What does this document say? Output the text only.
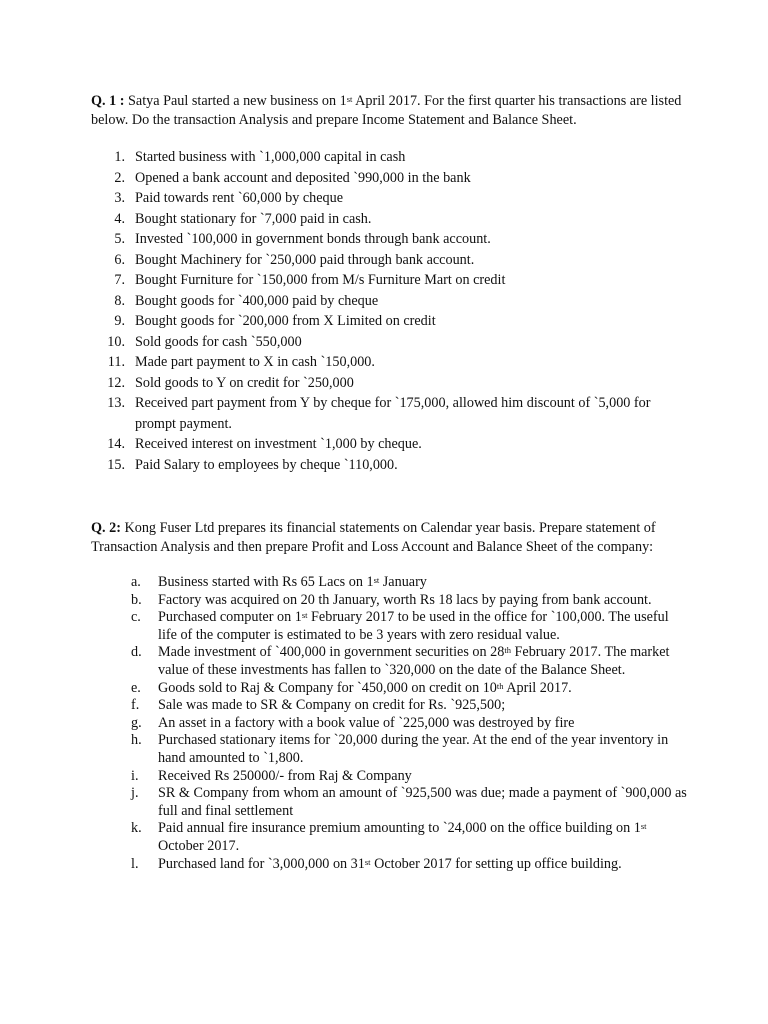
Q. 1 : Satya Paul started a new business on 1st April 2017. For the first quarter his transactions are listed below. Do the transaction Analysis and prepare Income Statement and Balance Sheet.

1. Started business with `1,000,000 capital in cash
2. Opened a bank account and deposited `990,000 in the bank
3. Paid towards rent `60,000 by cheque
4. Bought stationary for `7,000 paid in cash.
5. Invested `100,000 in government bonds through bank account.
6. Bought Machinery for `250,000 paid through bank account.
7. Bought Furniture for `150,000 from M/s Furniture Mart on credit
8. Bought goods for `400,000 paid by cheque
9. Bought goods for `200,000 from X Limited on credit
10. Sold goods for cash `550,000
11. Made part payment to X in cash `150,000.
12. Sold goods to Y on credit for `250,000
13. Received part payment from Y by cheque for `175,000, allowed him discount of `5,000 for prompt payment.
14. Received interest on investment `1,000 by cheque.
15. Paid Salary to employees by cheque `110,000.

Q. 2: Kong Fuser Ltd prepares its financial statements on Calendar year basis. Prepare statement of Transaction Analysis and then prepare Profit and Loss Account and Balance Sheet of the company:

a. Business started with Rs 65 Lacs on 1st January
b. Factory was acquired on 20 th January, worth Rs 18 lacs by paying from bank account.
c. Purchased computer on 1st February 2017 to be used in the office for `100,000. The useful life of the computer is estimated to be 3 years with zero residual value.
d. Made investment of `400,000 in government securities on 28th February 2017. The market value of these investments has fallen to `320,000 on the date of the Balance Sheet.
e. Goods sold to Raj & Company for `450,000 on credit on 10th April 2017.
f. Sale was made to SR & Company on credit for Rs. `925,500;
g. An asset in a factory with a book value of `225,000 was destroyed by fire
h. Purchased stationary items for `20,000 during the year. At the end of the year inventory in hand amounted to `1,800.
i. Received Rs 250000/- from Raj & Company
j. SR & Company from whom an amount of `925,500 was due; made a payment of `900,000 as full and final settlement
k. Paid annual fire insurance premium amounting to `24,000 on the office building on 1st October 2017.
l. Purchased land for `3,000,000 on 31st October 2017 for setting up office building.
